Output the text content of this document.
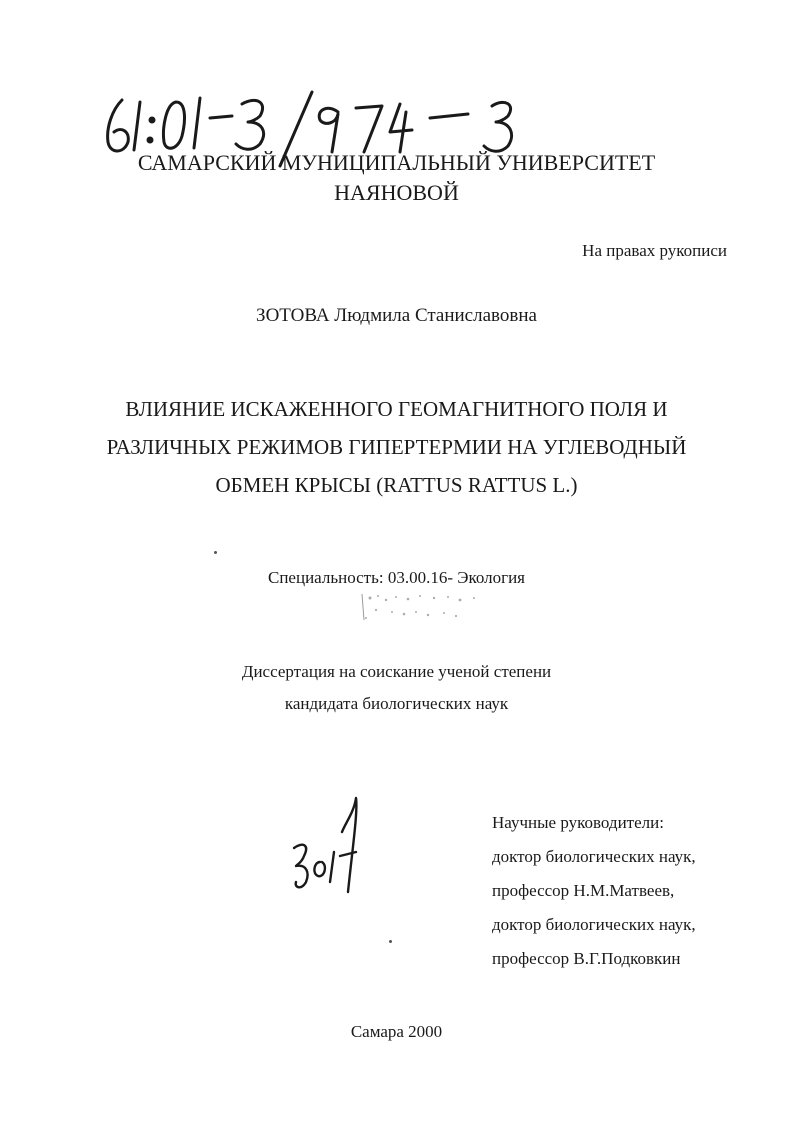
САМАРСКИЙ МУНИЦИПАЛЬНЫЙ УНИВЕРСИТЕТ
НАЯНОВОЙ
На правах рукописи
ЗОТОВА Людмила Станиславовна
ВЛИЯНИЕ ИСКАЖЕННОГО ГЕОМАГНИТНОГО ПОЛЯ И
РАЗЛИЧНЫХ РЕЖИМОВ ГИПЕРТЕРМИИ НА УГЛЕВОДНЫЙ
ОБМЕН КРЫСЫ (RATTUS RATTUS L.)
Специальность: 03.00.16- Экология
Диссертация на соискание ученой степени
кандидата биологических наук
Научные руководители:
доктор биологических наук,
профессор Н.М.Матвеев,
доктор биологических наук,
профессор В.Г.Подковкин
Самара 2000
